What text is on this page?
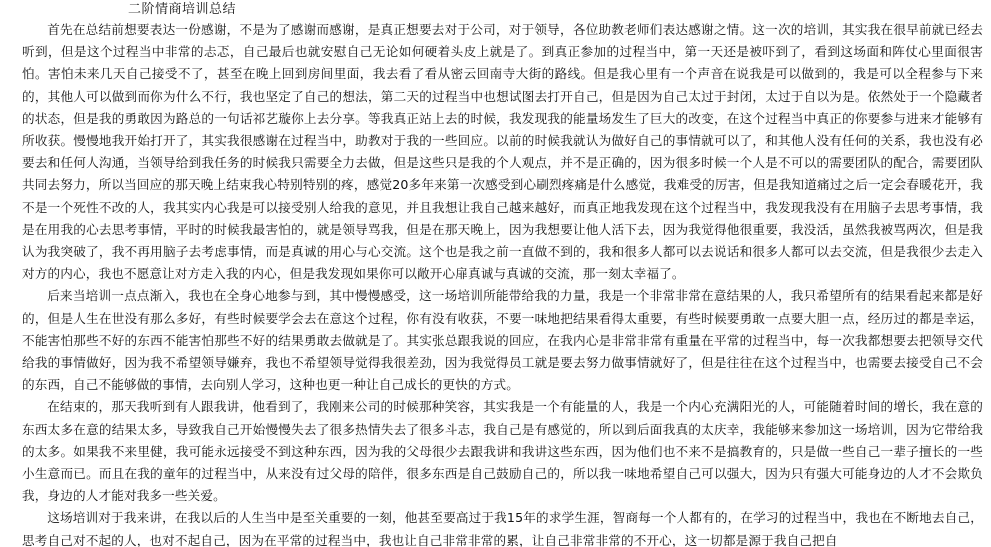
二阶情商培训总结

首先在总结前想要表达一份感谢，不是为了感谢而感谢，是真正想要去对于公司，对于领导，各位助教老师们表达感谢之情。这一次的培训，其实我在很早前就已经去听到，但是这个过程当中非常的忐忑，自己最后也就安慰自己无论如何硬着头皮上就是了。到真正参加的过程当中，第一天还是被吓到了，看到这场面和阵仗心里面很害怕。害怕未来几天自己接受不了，甚至在晚上回到房间里面，我去看了看从密云回南寺大街的路线。但是我心里有一个声音在说我是可以做到的，我是可以全程参与下来的，其他人可以做到而你为什么不行，我也坚定了自己的想法，第二天的过程当中也想试图去打开自己，但是因为自己太过于封闭，太过于自以为是。依然处于一个隐藏者的状态，但是我的勇敢因为路总的一句话祁艺璇你上去分享。等我真正站上去的时候，我发现我的能量场发生了巨大的改变，在这个过程当中真正的你要参与进来才能够有所收获。慢慢地我开始打开了，其实我很感谢在过程当中，助教对于我的一些回应。以前的时候我就认为做好自己的事情就可以了，和其他人没有任何的关系，我也没有必要去和任何人沟通，当领导给到我任务的时候我只需要全力去做，但是这些只是我的个人观点，并不是正确的，因为很多时候一个人是不可以的需要团队的配合，需要团队共同去努力，所以当回应的那天晚上结束我心特别特别的疼，感觉20多年来第一次感受到心刷烈疼痛是什么感觉，我难受的厉害，但是我知道痛过之后一定会春暖花开，我不是一个死性不改的人，我其实内心我是可以接受别人给我的意见，并且我想让我自己越来越好，而真正地我发现在这个过程当中，我发现我没有在用脑子去思考事情，我是在用我的心去思考事情，平时的时候我最害怕的，就是领导骂我，但是在那天晚上，因为我想要让他人活下去，因为我觉得他很重要，我没活，虽然我被骂两次，但是我认为我突破了，我不再用脑子去考虑事情，而是真诚的用心与心交流。这个也是我之前一直做不到的，我和很多人都可以去说话和很多人都可以去交流，但是我很少去走入对方的内心，我也不愿意让对方走入我的内心，但是我发现如果你可以敞开心扉真诚与真诚的交流，那一刻太幸福了。

后来当培训一点点渐入，我也在全身心地参与到，其中慢慢感受，这一场培训所能带给我的力量，我是一个非常非常在意结果的人，我只希望所有的结果看起来都是好的，但是人生在世没有那么多好，有些时候要学会去在意这个过程，你有没有收获，不要一味地把结果看得太重要，有些时候要勇敢一点要大胆一点，经历过的都是幸运，不能害怕那些不好的东西不能害怕那些不好的结果勇敢去做就是了。其实张总跟我说的回应，在我内心是非常非常有重量在平常的过程当中，每一次我都想要去把领导交代给我的事情做好，因为我不希望领导嫌弃，我也不希望领导觉得我很差劲，因为我觉得员工就是要去努力做事情就好了，但是往往在这个过程当中，也需要去接受自己不会的东西，自己不能够做的事情，去向别人学习，这种也更一种让自己成长的更快的方式。

在结束的，那天我听到有人跟我讲，他看到了，我刚来公司的时候那种笑容，其实我是一个有能量的人，我是一个内心充满阳光的人，可能随着时间的增长，我在意的东西太多在意的结果太多，导致我自己开始慢慢失去了很多热情失去了很多斗志，我自己是有感觉的，所以到后面我真的太庆幸，我能够来参加这一场培训，因为它带给我的太多。如果我不来里健，我可能永远接受不到这种东西，因为我的父母很少去跟我讲和我讲这些东西，因为他们也不来不是搞教育的，只是做一些自己一辈子擅长的一些小生意而已。而且在我的童年的过程当中，从来没有过父母的陪伴，很多东西是自己鼓励自己的，所以我一味地希望自己可以强大，因为只有强大可能身边的人才不会欺负我，身边的人才能对我多一些关爱。

这场培训对于我来讲，在我以后的人生当中是至关重要的一刻，他甚至要高过于我15年的求学生涯，智商每一个人都有的，在学习的过程当中，我也在不断地去自己，思考自己对不起的人，也对不起自己，因为在平常的过程当中，我也让自己非常非常的累，让自己非常非常的不开心，这一切都是源于我自己把自
